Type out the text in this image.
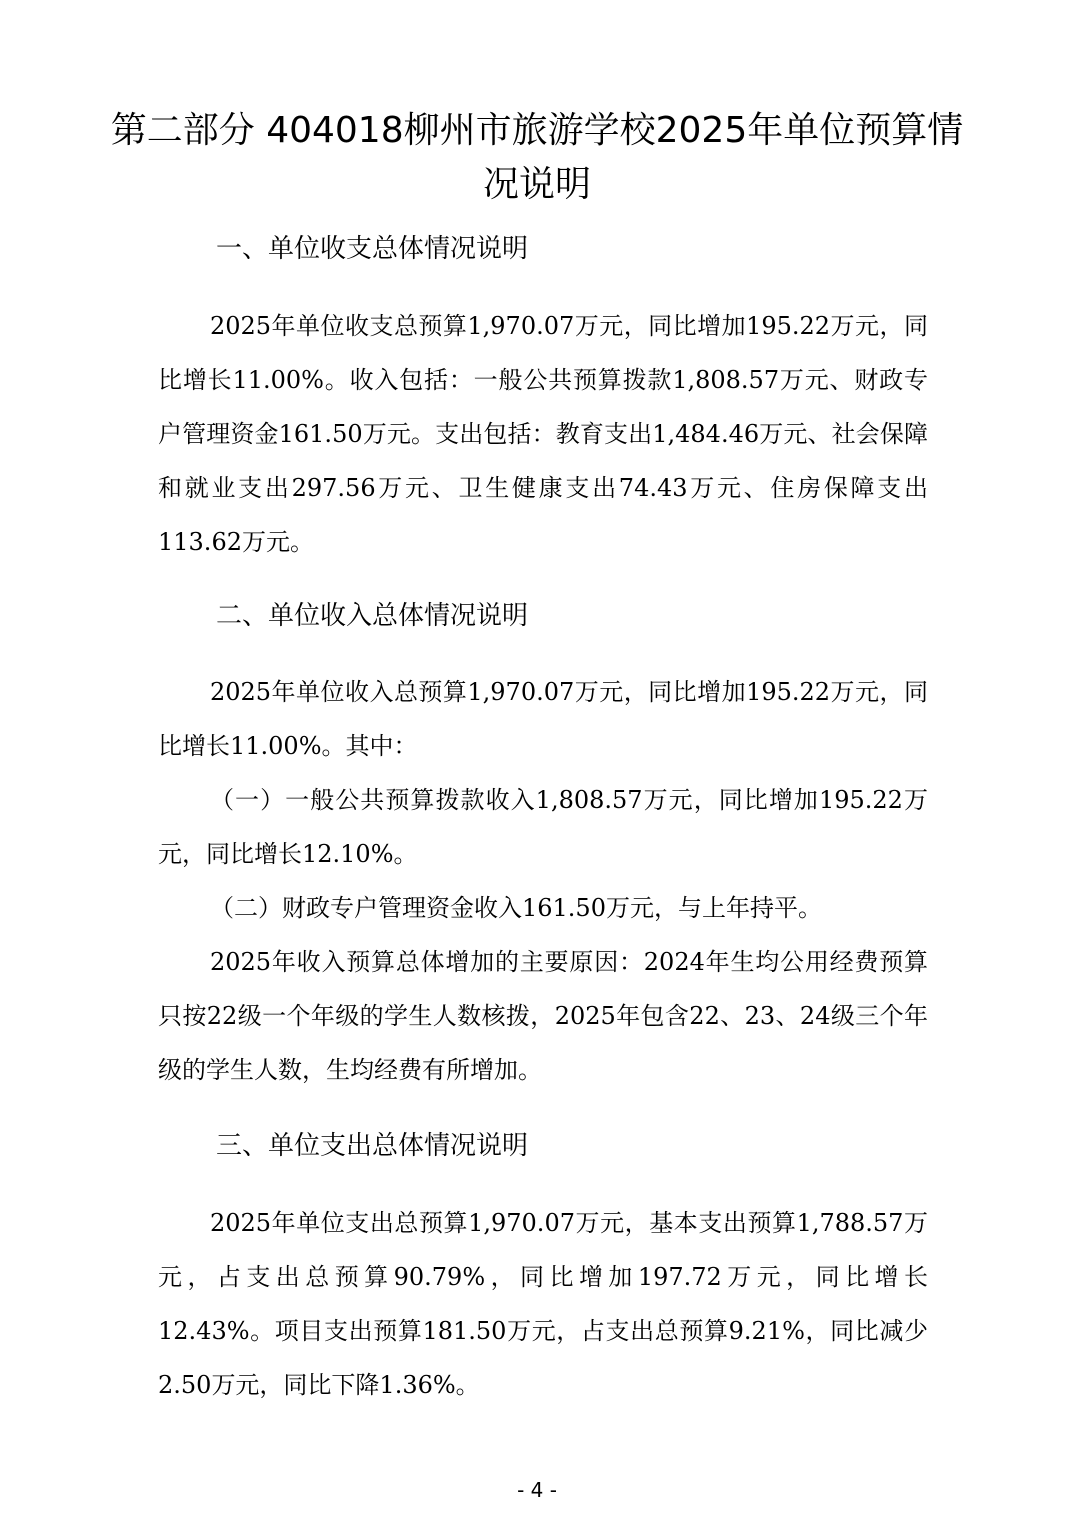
第二部分 404018柳州市旅游学校2025年单位预算情况说明
一、单位收支总体情况说明

2025年单位收支总预算1,970.07万元，同比增加195.22万元，同比增长11.00%。收入包括：一般公共预算拨款1,808.57万元、财政专户管理资金161.50万元。支出包括：教育支出1,484.46万元、社会保障和就业支出297.56万元、卫生健康支出74.43万元、住房保障支出113.62万元。

二、单位收入总体情况说明

2025年单位收入总预算1,970.07万元，同比增加195.22万元，同比增长11.00%。其中：

（一）一般公共预算拨款收入1,808.57万元，同比增加195.22万元，同比增长12.10%。

（二）财政专户管理资金收入161.50万元，与上年持平。

2025年收入预算总体增加的主要原因：2024年生均公用经费预算只按22级一个年级的学生人数核拨，2025年包含22、23、24级三个年级的学生人数，生均经费有所增加。

三、单位支出总体情况说明

2025年单位支出总预算1,970.07万元，基本支出预算1,788.57万元，占支出总预算90.79%，同比增加197.72万元，同比增长12.43%。项目支出预算181.50万元，占支出总预算9.21%，同比减少2.50万元，同比下降1.36%。

- 4 -
